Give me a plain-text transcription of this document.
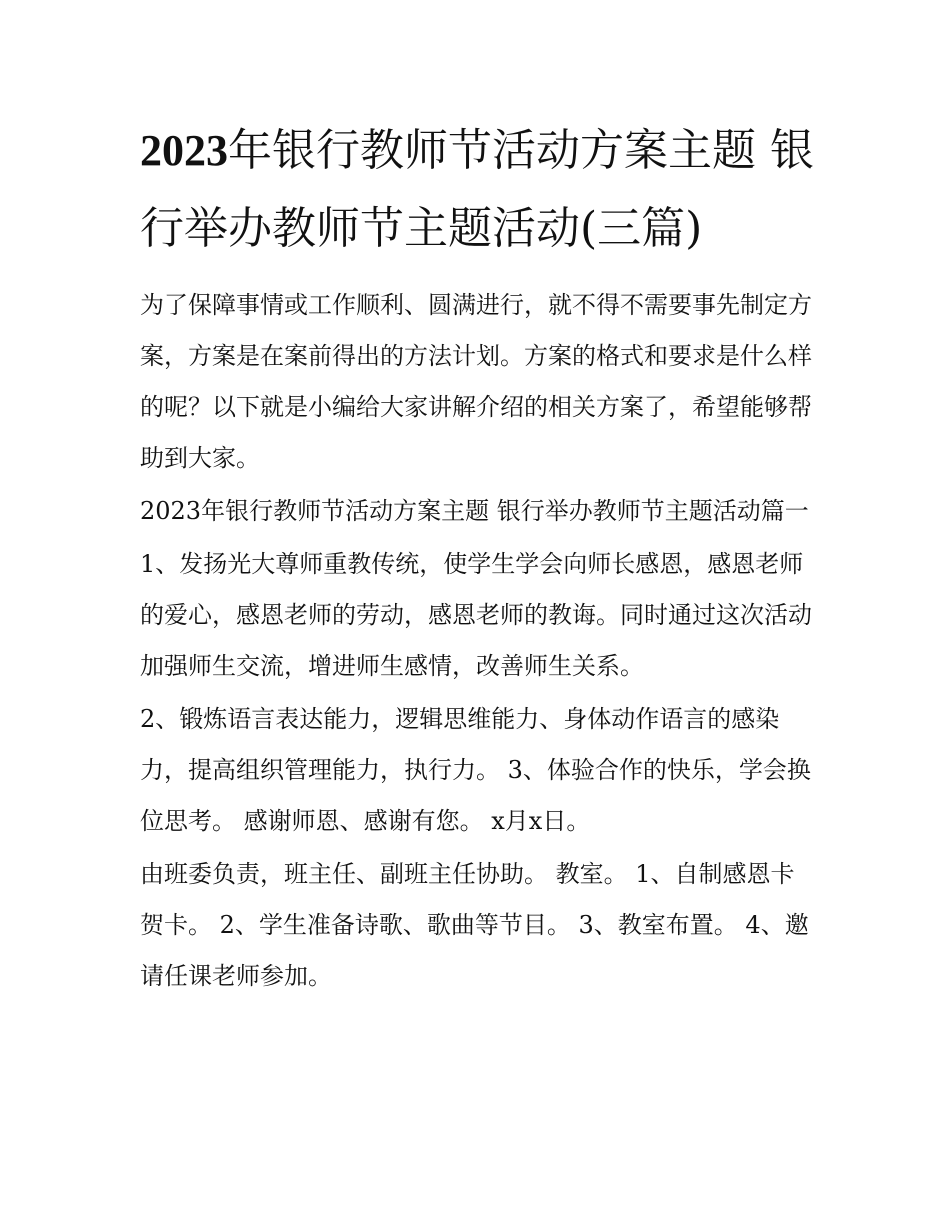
2023年银行教师节活动方案主题 银行举办教师节主题活动(三篇)

为了保障事情或工作顺利、圆满进行，就不得不需要事先制定方案，方案是在案前得出的方法计划。方案的格式和要求是什么样的呢？以下就是小编给大家讲解介绍的相关方案了，希望能够帮助到大家。

2023年银行教师节活动方案主题 银行举办教师节主题活动篇一

1、发扬光大尊师重教传统，使学生学会向师长感恩，感恩老师的爱心，感恩老师的劳动，感恩老师的教诲。同时通过这次活动加强师生交流，增进师生感情，改善师生关系。

2、锻炼语言表达能力，逻辑思维能力、身体动作语言的感染力，提高组织管理能力，执行力。 3、体验合作的快乐，学会换位思考。 感谢师恩、感谢有您。 x月x日。

由班委负责，班主任、副班主任协助。 教室。 1、自制感恩卡贺卡。 2、学生准备诗歌、歌曲等节目。 3、教室布置。 4、邀请任课老师参加。
